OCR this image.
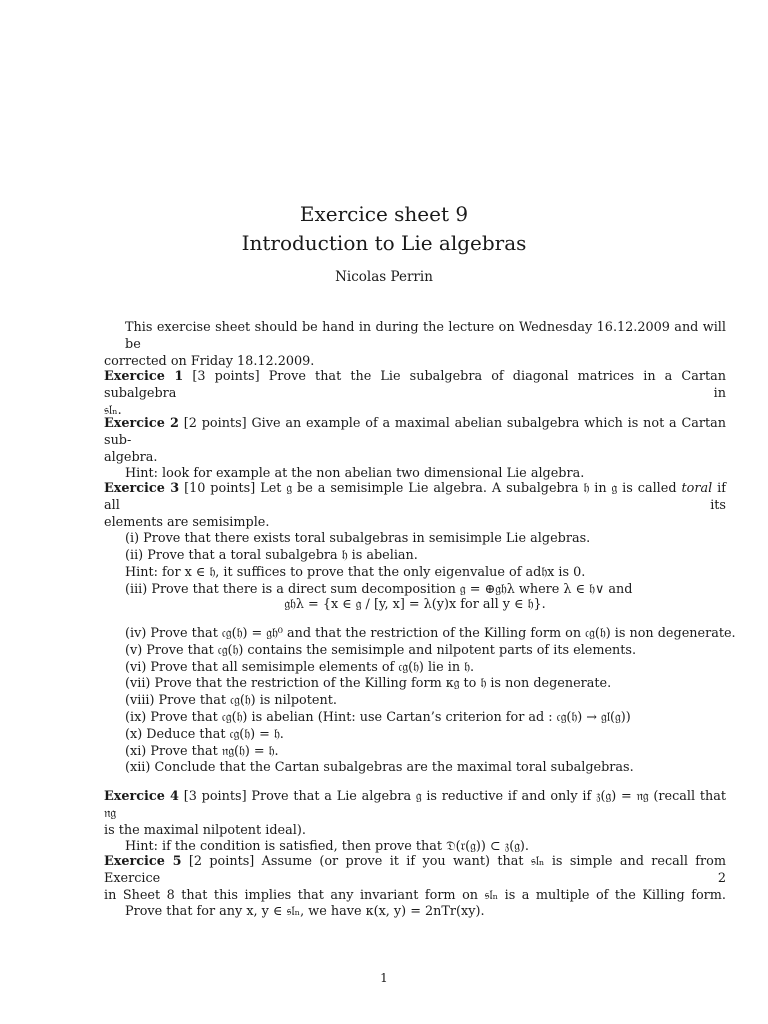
Exercice sheet 9
Introduction to Lie algebras
Nicolas Perrin
This exercise sheet should be hand in during the lecture on Wednesday 16.12.2009 and will be
corrected on Friday 18.12.2009.
Exercice 1 [3 points] Prove that the Lie subalgebra of diagonal matrices in a Cartan subalgebra in
𝔰𝔩ₙ.
Exercice 2 [2 points] Give an example of a maximal abelian subalgebra which is not a Cartan sub-
algebra.
Hint: look for example at the non abelian two dimensional Lie algebra.
Exercice 3 [10 points] Let 𝔤 be a semisimple Lie algebra. A subalgebra 𝔥 in 𝔤 is called toral if all its
elements are semisimple.
(i) Prove that there exists toral subalgebras in semisimple Lie algebras.
(ii) Prove that a toral subalgebra 𝔥 is abelian.
Hint: for x ∈ 𝔥, it suffices to prove that the only eigenvalue of ad𝔥x is 0.
(iii) Prove that there is a direct sum decomposition 𝔤 = ⊕𝔤𝔥λ where λ ∈ 𝔥∨ and
𝔤𝔥λ = {x ∈ 𝔤 / [y, x] = λ(y)x for all y ∈ 𝔥}.
(iv) Prove that 𝔠𝔤(𝔥) = 𝔤𝔥⁰ and that the restriction of the Killing form on 𝔠𝔤(𝔥) is non degenerate.
(v) Prove that 𝔠𝔤(𝔥) contains the semisimple and nilpotent parts of its elements.
(vi) Prove that all semisimple elements of 𝔠𝔤(𝔥) lie in 𝔥.
(vii) Prove that the restriction of the Killing form κ𝔤 to 𝔥 is non degenerate.
(viii) Prove that 𝔠𝔤(𝔥) is nilpotent.
(ix) Prove that 𝔠𝔤(𝔥) is abelian (Hint: use Cartan’s criterion for ad : 𝔠𝔤(𝔥) → 𝔤𝔩(𝔤))
(x) Deduce that 𝔠𝔤(𝔥) = 𝔥.
(xi) Prove that 𝔫𝔤(𝔥) = 𝔥.
(xii) Conclude that the Cartan subalgebras are the maximal toral subalgebras.
Exercice 4 [3 points] Prove that a Lie algebra 𝔤 is reductive if and only if 𝔷(𝔤) = 𝔫𝔤 (recall that 𝔫𝔤
is the maximal nilpotent ideal).
Hint: if the condition is satisfied, then prove that 𝔇(𝔯(𝔤)) ⊂ 𝔷(𝔤).
Exercice 5 [2 points] Assume (or prove it if you want) that 𝔰𝔩ₙ is simple and recall from Exercice 2
in Sheet 8 that this implies that any invariant form on 𝔰𝔩ₙ is a multiple of the Killing form.
Prove that for any x, y ∈ 𝔰𝔩ₙ, we have κ(x, y) = 2nTr(xy).
1
